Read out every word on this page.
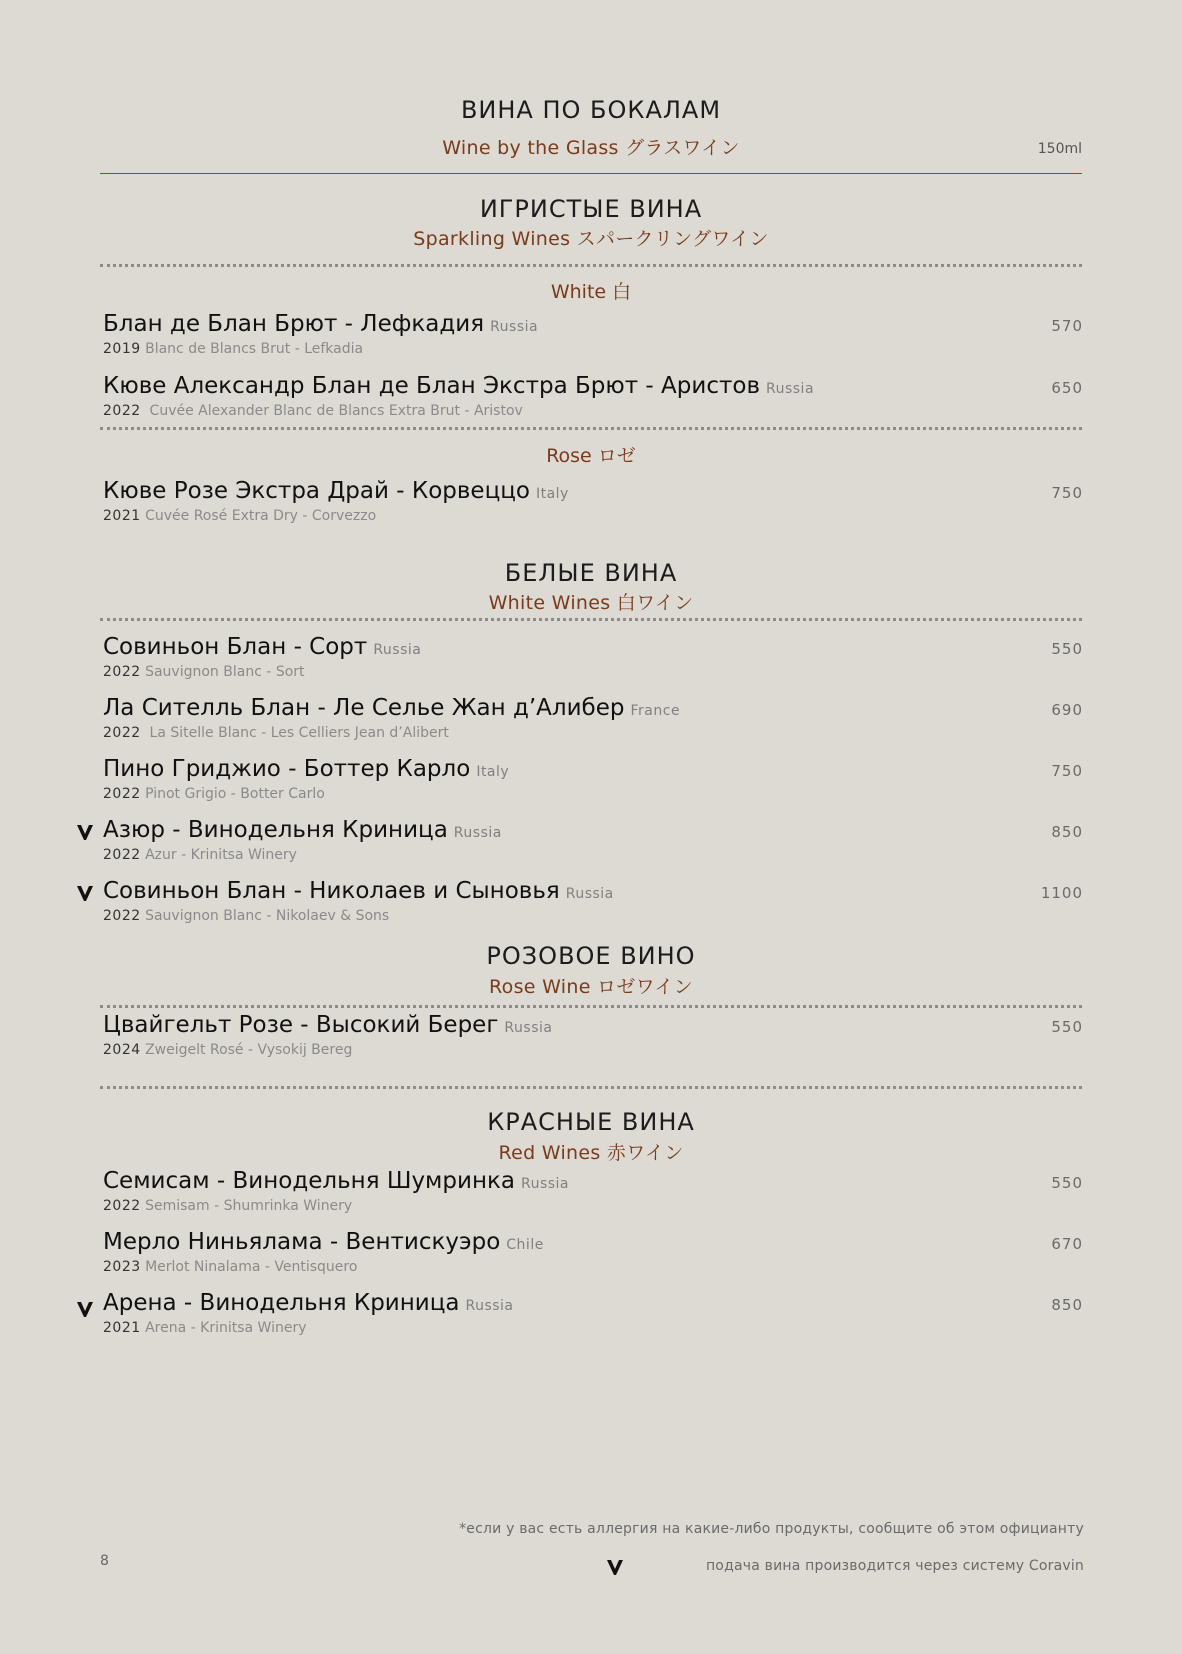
ВИНА ПО БОКАЛАМ
Wine by the Glass グラスワイン	150ml
ИГРИСТЫЕ ВИНА
Sparkling Wines スパークリングワイン
White 白
Блан де Блан Брют - Лефкадия Russia
2019 Blanc de Blancs Brut - Lefkadia
570
Кюве Александр Блан де Блан Экстра Брют - Аристов Russia
2022 Cuvée Alexander Blanc de Blancs Extra Brut - Aristov
650
Rose ロゼ
Кюве Розе Экстра Драй - Корвеццо Italy
2021 Cuvée Rosé Extra Dry - Corvezzo
750
БЕЛЫЕ ВИНА
White Wines 白ワイン
Совиньон Блан - Сорт Russia
2022 Sauvignon Blanc - Sort
550
Ла Сителль Блан - Ле Селье Жан д’Алибер France
2022 La Sitelle Blanc - Les Celliers Jean d’Alibert
690
Пино Гриджио - Боттер Карло Italy
2022 Pinot Grigio - Botter Carlo
750
Азюр - Винодельня Криница Russia
2022 Azur - Krinitsa Winery
850
Совиньон Блан - Николаев и Сыновья Russia
2022 Sauvignon Blanc - Nikolaev & Sons
1100
РОЗОВОЕ ВИНО
Rose Wine ロゼワイン
Цвайгельт Розе - Высокий Берег Russia
2024 Zweigelt Rosé - Vysokij Bereg
550
КРАСНЫЕ ВИНА
Red Wines 赤ワイン
Семисам - Винодельня Шумринка Russia
2022 Semisam - Shumrinka Winery
550
Мерло Ниньялама - Вентискуэро Chile
2023 Merlot Ninalama - Ventisquero
670
Арена - Винодельня Криница Russia
2021 Arena - Krinitsa Winery
850
*если у вас есть аллергия на какие-либо продукты, сообщите об этом официанту
8	подача вина производится через систему Coravin
